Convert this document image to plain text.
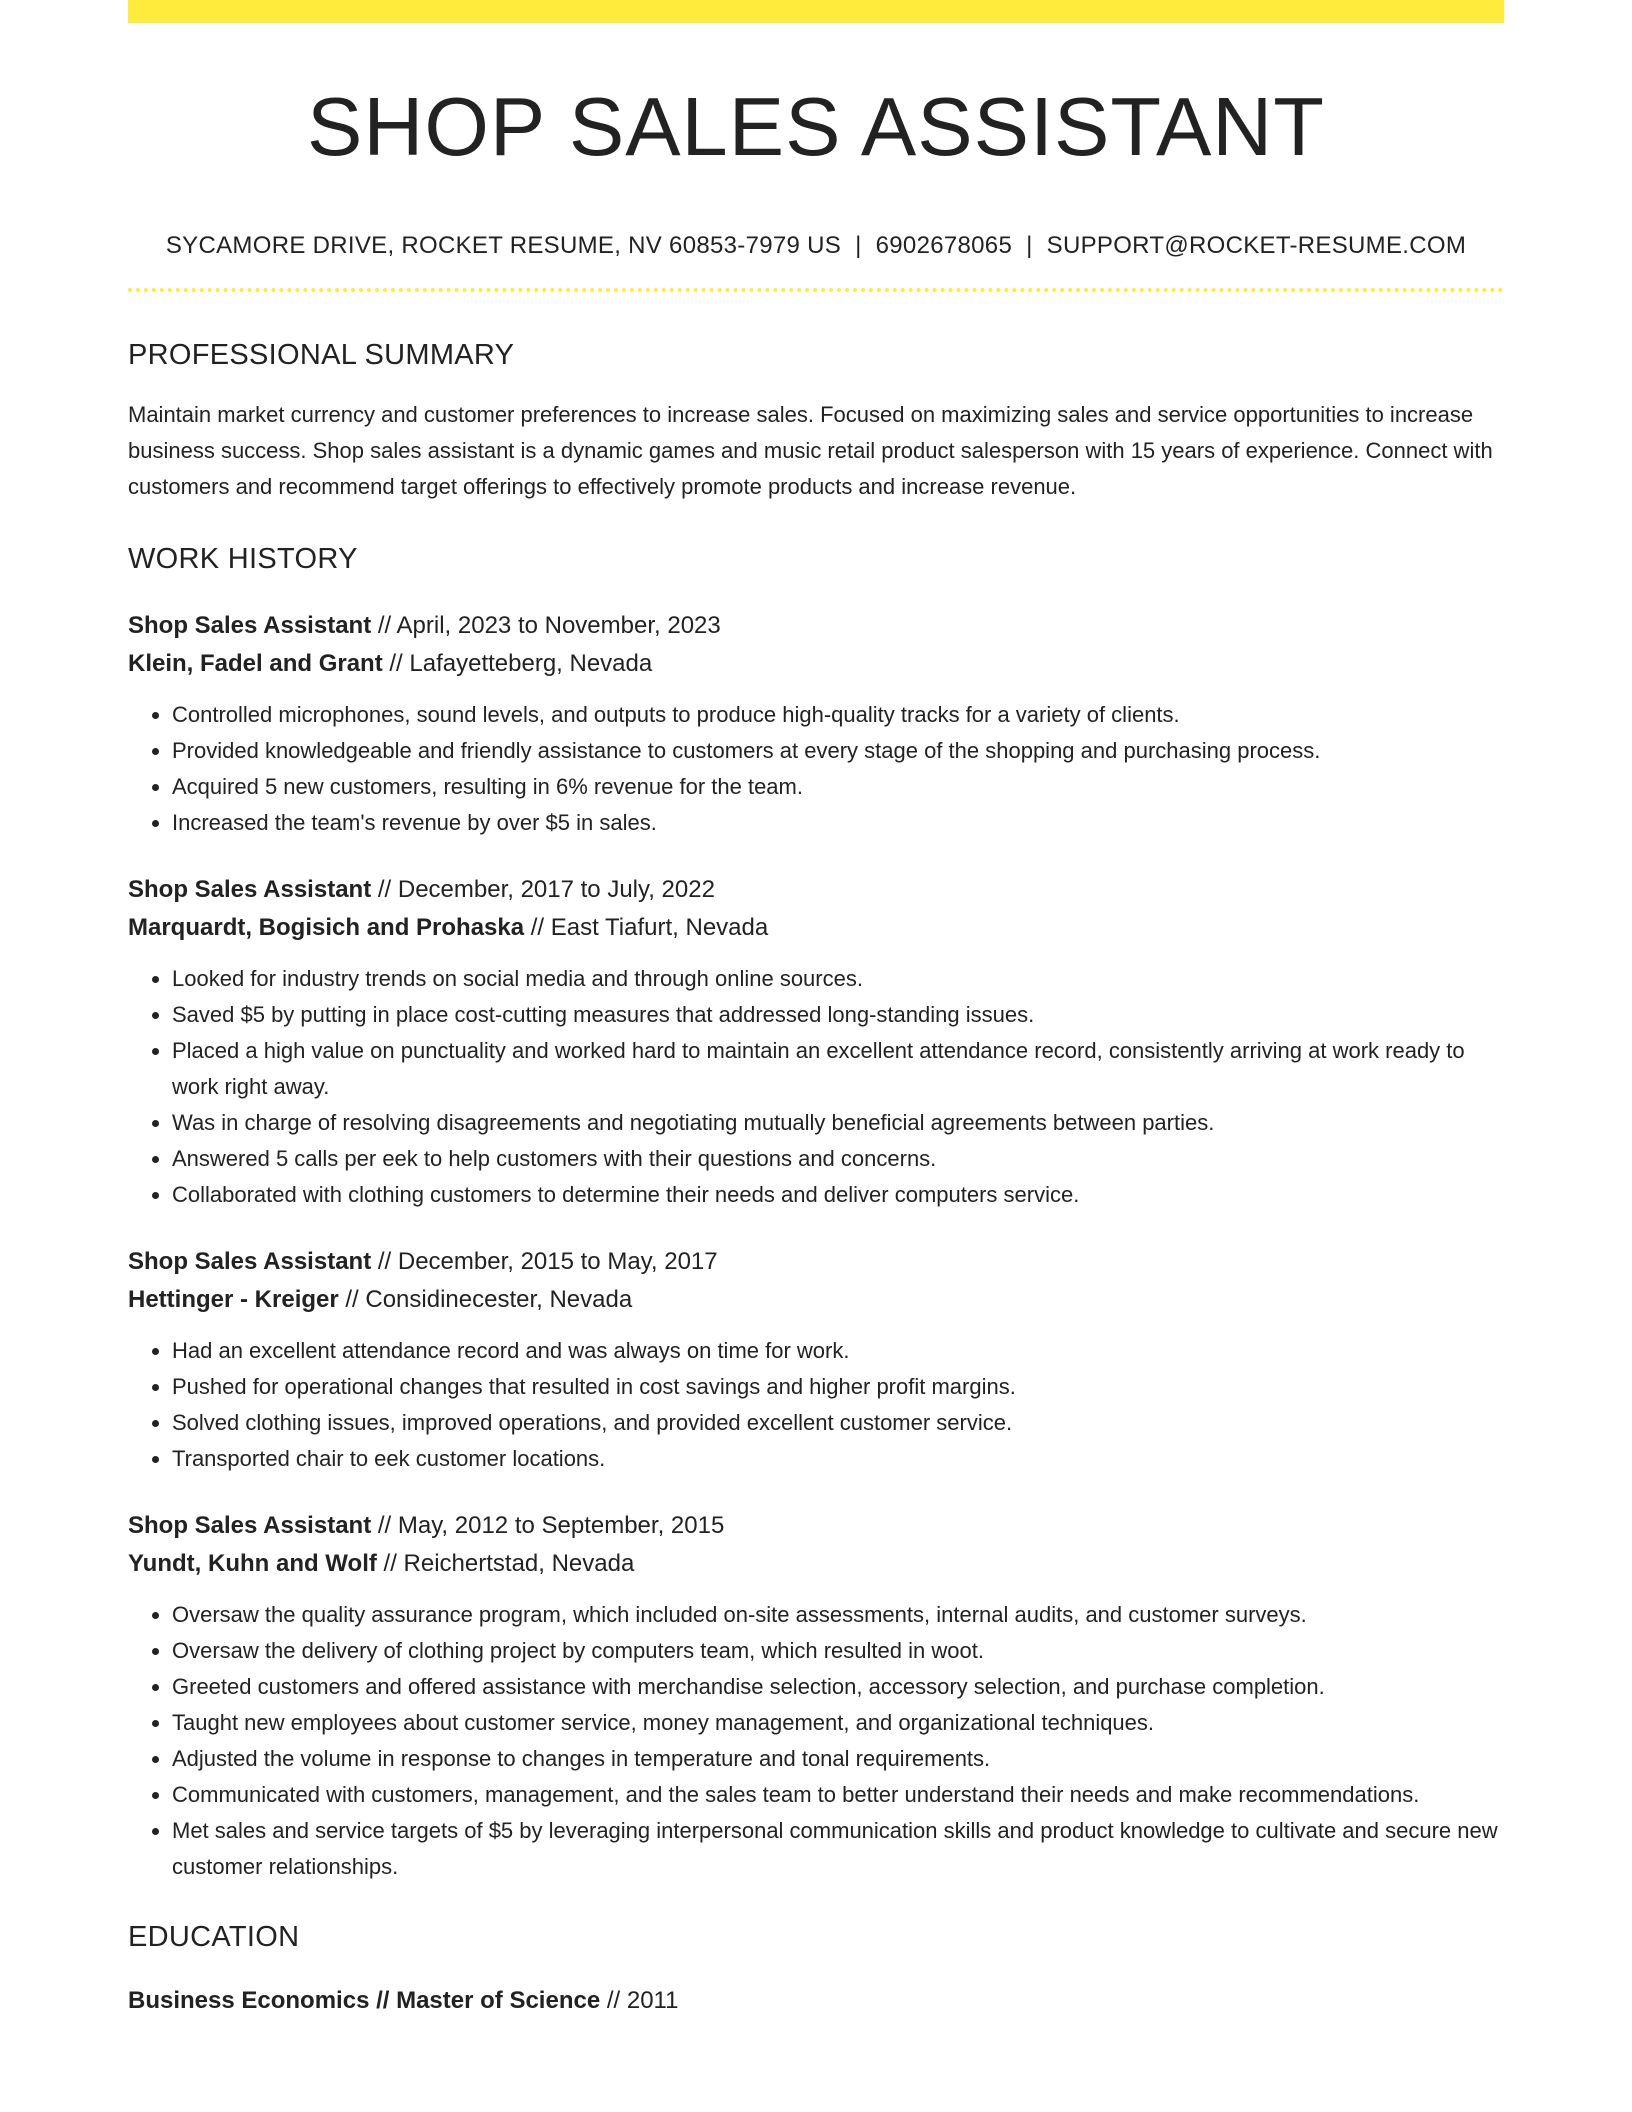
SHOP SALES ASSISTANT
SYCAMORE DRIVE, ROCKET RESUME, NV 60853-7979 US | 6902678065 | SUPPORT@ROCKET-RESUME.COM
PROFESSIONAL SUMMARY

Maintain market currency and customer preferences to increase sales. Focused on maximizing sales and service opportunities to increase business success. Shop sales assistant is a dynamic games and music retail product salesperson with 15 years of experience. Connect with customers and recommend target offerings to effectively promote products and increase revenue.

WORK HISTORY
Shop Sales Assistant // April, 2023 to November, 2023
Klein, Fadel and Grant // Lafayetteberg, Nevada
• Controlled microphones, sound levels, and outputs to produce high-quality tracks for a variety of clients.
• Provided knowledgeable and friendly assistance to customers at every stage of the shopping and purchasing process.
• Acquired 5 new customers, resulting in 6% revenue for the team.
• Increased the team's revenue by over $5 in sales.
Shop Sales Assistant // December, 2017 to July, 2022
Marquardt, Bogisich and Prohaska // East Tiafurt, Nevada
• Looked for industry trends on social media and through online sources.
• Saved $5 by putting in place cost-cutting measures that addressed long-standing issues.
• Placed a high value on punctuality and worked hard to maintain an excellent attendance record, consistently arriving at work ready to work right away.
• Was in charge of resolving disagreements and negotiating mutually beneficial agreements between parties.
• Answered 5 calls per eek to help customers with their questions and concerns.
• Collaborated with clothing customers to determine their needs and deliver computers service.
Shop Sales Assistant // December, 2015 to May, 2017
Hettinger - Kreiger // Considinecester, Nevada
• Had an excellent attendance record and was always on time for work.
• Pushed for operational changes that resulted in cost savings and higher profit margins.
• Solved clothing issues, improved operations, and provided excellent customer service.
• Transported chair to eek customer locations.
Shop Sales Assistant // May, 2012 to September, 2015
Yundt, Kuhn and Wolf // Reichertstad, Nevada
• Oversaw the quality assurance program, which included on-site assessments, internal audits, and customer surveys.
• Oversaw the delivery of clothing project by computers team, which resulted in woot.
• Greeted customers and offered assistance with merchandise selection, accessory selection, and purchase completion.
• Taught new employees about customer service, money management, and organizational techniques.
• Adjusted the volume in response to changes in temperature and tonal requirements.
• Communicated with customers, management, and the sales team to better understand their needs and make recommendations.
• Met sales and service targets of $5 by leveraging interpersonal communication skills and product knowledge to cultivate and secure new customer relationships.
EDUCATION
Business Economics // Master of Science // 2011
